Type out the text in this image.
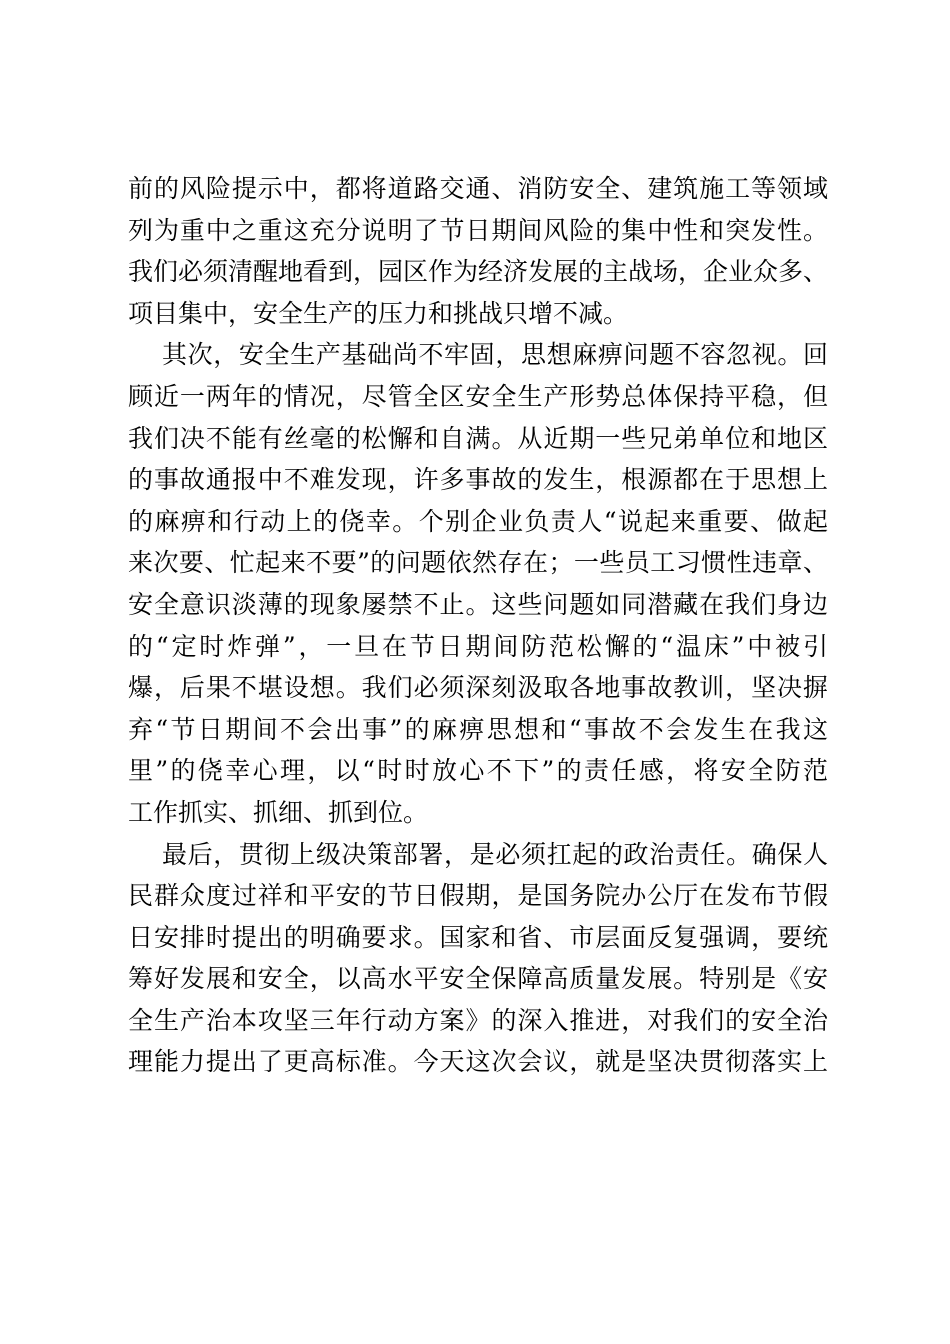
前的风险提示中，都将道路交通、消防安全、建筑施工等领域
列为重中之重这充分说明了节日期间风险的集中性和突发性。
我们必须清醒地看到，园区作为经济发展的主战场，企业众多、
项目集中，安全生产的压力和挑战只增不减。
其次，安全生产基础尚不牢固，思想麻痹问题不容忽视。回
顾近一两年的情况，尽管全区安全生产形势总体保持平稳，但
我们决不能有丝毫的松懈和自满。从近期一些兄弟单位和地区
的事故通报中不难发现，许多事故的发生，根源都在于思想上
的麻痹和行动上的侥幸。个别企业负责人“说起来重要、做起
来次要、忙起来不要”的问题依然存在；一些员工习惯性违章、
安全意识淡薄的现象屡禁不止。这些问题如同潜藏在我们身边
的“定时炸弹”，一旦在节日期间防范松懈的“温床”中被引
爆，后果不堪设想。我们必须深刻汲取各地事故教训，坚决摒
弃“节日期间不会出事”的麻痹思想和“事故不会发生在我这
里”的侥幸心理，以“时时放心不下”的责任感，将安全防范
工作抓实、抓细、抓到位。
最后，贯彻上级决策部署，是必须扛起的政治责任。确保人
民群众度过祥和平安的节日假期，是国务院办公厅在发布节假
日安排时提出的明确要求。国家和省、市层面反复强调，要统
筹好发展和安全，以高水平安全保障高质量发展。特别是《安
全生产治本攻坚三年行动方案》的深入推进，对我们的安全治
理能力提出了更高标准。今天这次会议，就是坚决贯彻落实上
